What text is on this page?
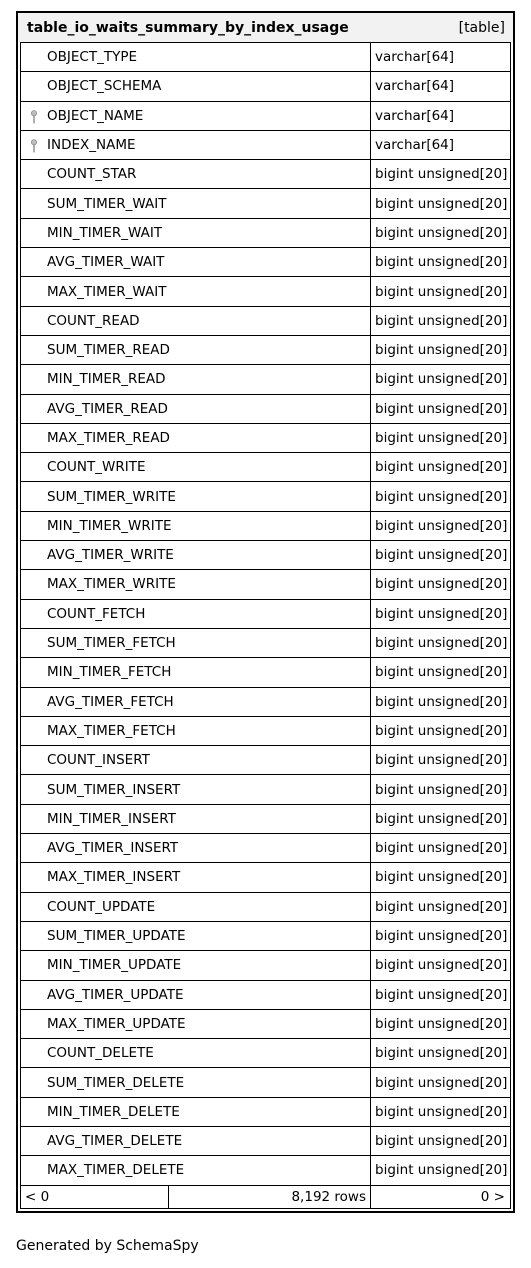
table_io_waits_summary_by_index_usage	[table]
OBJECT_TYPE	varchar[64]
OBJECT_SCHEMA	varchar[64]
OBJECT_NAME	varchar[64]
INDEX_NAME	varchar[64]
COUNT_STAR	bigint unsigned[20]
SUM_TIMER_WAIT	bigint unsigned[20]
MIN_TIMER_WAIT	bigint unsigned[20]
AVG_TIMER_WAIT	bigint unsigned[20]
MAX_TIMER_WAIT	bigint unsigned[20]
COUNT_READ	bigint unsigned[20]
SUM_TIMER_READ	bigint unsigned[20]
MIN_TIMER_READ	bigint unsigned[20]
AVG_TIMER_READ	bigint unsigned[20]
MAX_TIMER_READ	bigint unsigned[20]
COUNT_WRITE	bigint unsigned[20]
SUM_TIMER_WRITE	bigint unsigned[20]
MIN_TIMER_WRITE	bigint unsigned[20]
AVG_TIMER_WRITE	bigint unsigned[20]
MAX_TIMER_WRITE	bigint unsigned[20]
COUNT_FETCH	bigint unsigned[20]
SUM_TIMER_FETCH	bigint unsigned[20]
MIN_TIMER_FETCH	bigint unsigned[20]
AVG_TIMER_FETCH	bigint unsigned[20]
MAX_TIMER_FETCH	bigint unsigned[20]
COUNT_INSERT	bigint unsigned[20]
SUM_TIMER_INSERT	bigint unsigned[20]
MIN_TIMER_INSERT	bigint unsigned[20]
AVG_TIMER_INSERT	bigint unsigned[20]
MAX_TIMER_INSERT	bigint unsigned[20]
COUNT_UPDATE	bigint unsigned[20]
SUM_TIMER_UPDATE	bigint unsigned[20]
MIN_TIMER_UPDATE	bigint unsigned[20]
AVG_TIMER_UPDATE	bigint unsigned[20]
MAX_TIMER_UPDATE	bigint unsigned[20]
COUNT_DELETE	bigint unsigned[20]
SUM_TIMER_DELETE	bigint unsigned[20]
MIN_TIMER_DELETE	bigint unsigned[20]
AVG_TIMER_DELETE	bigint unsigned[20]
MAX_TIMER_DELETE	bigint unsigned[20]
< 0	8,192 rows	0 >
Generated by SchemaSpy
